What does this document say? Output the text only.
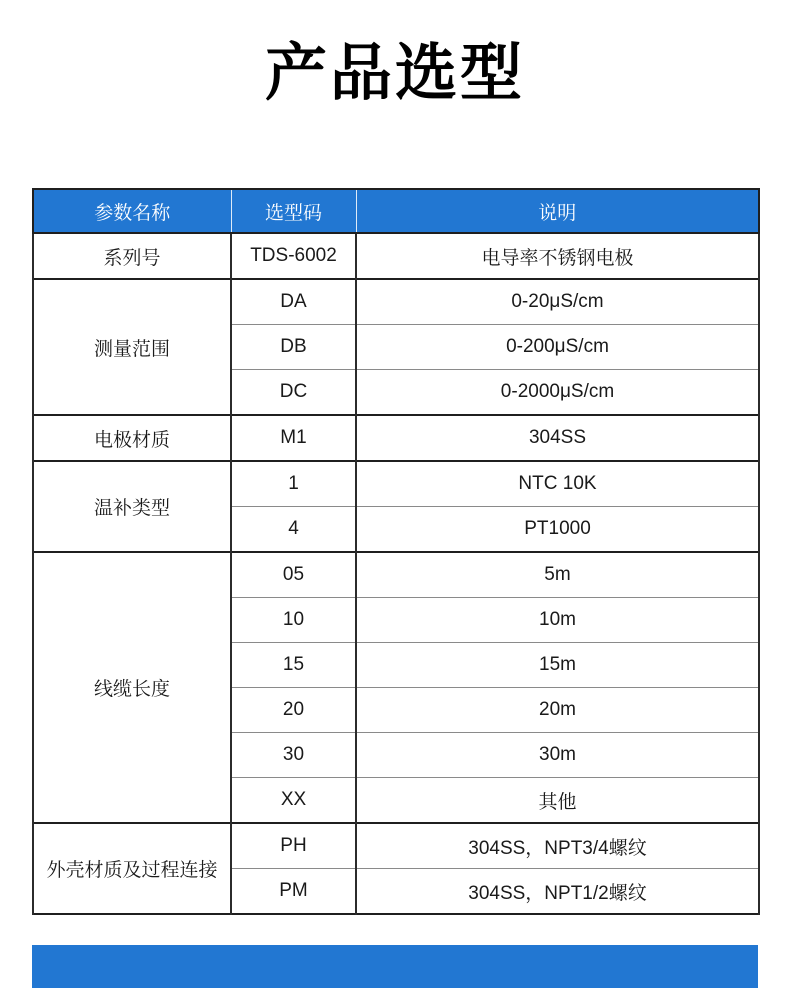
产品选型
参数名称	选型码	说明
系列号	TDS-6002	电导率不锈钢电极
测量范围	DA	0-20μS/cm
	DB	0-200μS/cm
	DC	0-2000μS/cm
电极材质	M1	304SS
温补类型	1	NTC 10K
	4	PT1000
线缆长度	05	5m
	10	10m
	15	15m
	20	20m
	30	30m
	XX	其他
外壳材质及过程连接	PH	304SS，NPT3/4螺纹
	PM	304SS，NPT1/2螺纹
